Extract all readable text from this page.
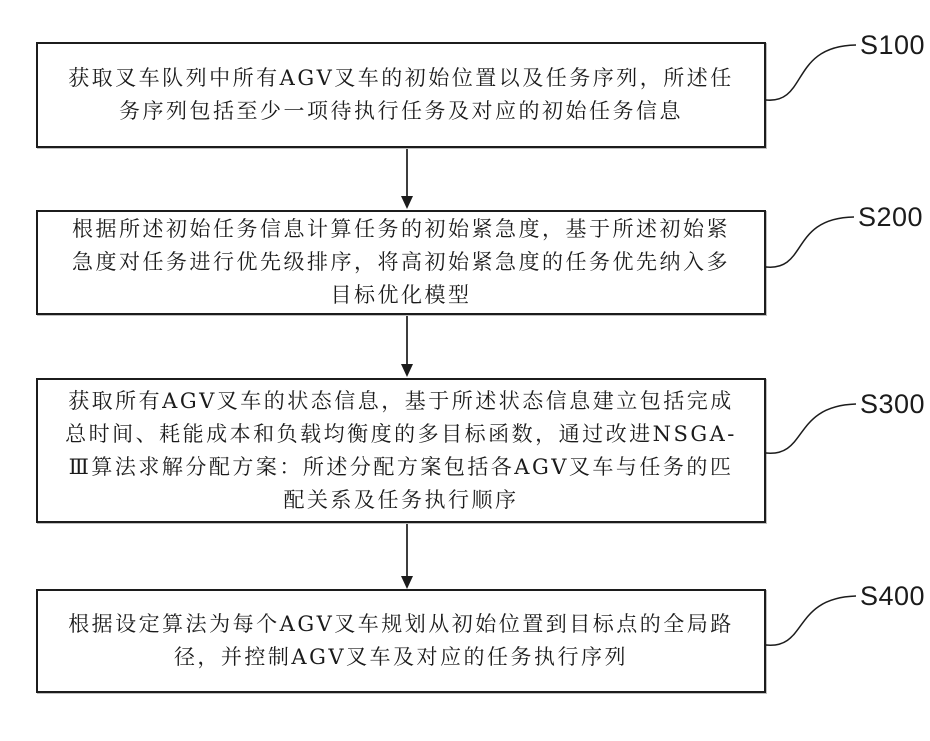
获取叉车队列中所有AGV叉车的初始位置以及任务序列，所述任
务序列包括至少一项待执行任务及对应的初始任务信息
根据所述初始任务信息计算任务的初始紧急度，基于所述初始紧
急度对任务进行优先级排序，将高初始紧急度的任务优先纳入多
目标优化模型
获取所有AGV叉车的状态信息，基于所述状态信息建立包括完成
总时间、耗能成本和负载均衡度的多目标函数，通过改进NSGA-
Ⅲ算法求解分配方案：所述分配方案包括各AGV叉车与任务的匹
配关系及任务执行顺序
根据设定算法为每个AGV叉车规划从初始位置到目标点的全局路
径，并控制AGV叉车及对应的任务执行序列
S100
S200
S300
S400
